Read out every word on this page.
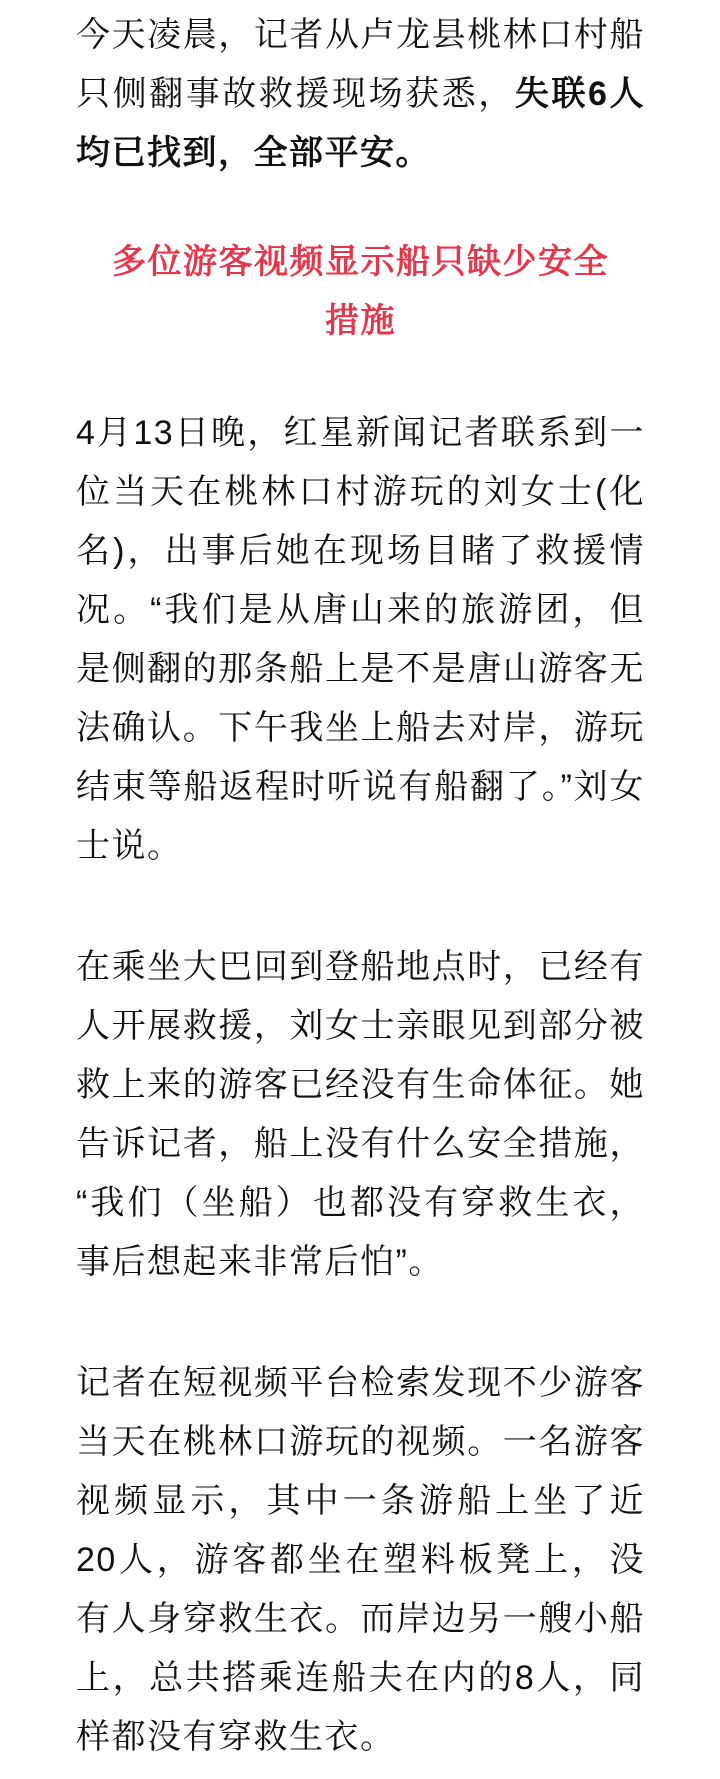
今天凌晨，记者从卢龙县桃林口村船只侧翻事故救援现场获悉，失联6人均已找到，全部平安。

多位游客视频显示船只缺少安全措施

4月13日晚，红星新闻记者联系到一位当天在桃林口村游玩的刘女士(化名)，出事后她在现场目睹了救援情况。“我们是从唐山来的旅游团，但是侧翻的那条船上是不是唐山游客无法确认。下午我坐上船去对岸，游玩结束等船返程时听说有船翻了。”刘女士说。

在乘坐大巴回到登船地点时，已经有人开展救援，刘女士亲眼见到部分被救上来的游客已经没有生命体征。她告诉记者，船上没有什么安全措施，“我们（坐船）也都没有穿救生衣，事后想起来非常后怕”。

记者在短视频平台检索发现不少游客当天在桃林口游玩的视频。一名游客视频显示，其中一条游船上坐了近20人，游客都坐在塑料板凳上，没有人身穿救生衣。而岸边另一艘小船上，总共搭乘连船夫在内的8人，同样都没有穿救生衣。
